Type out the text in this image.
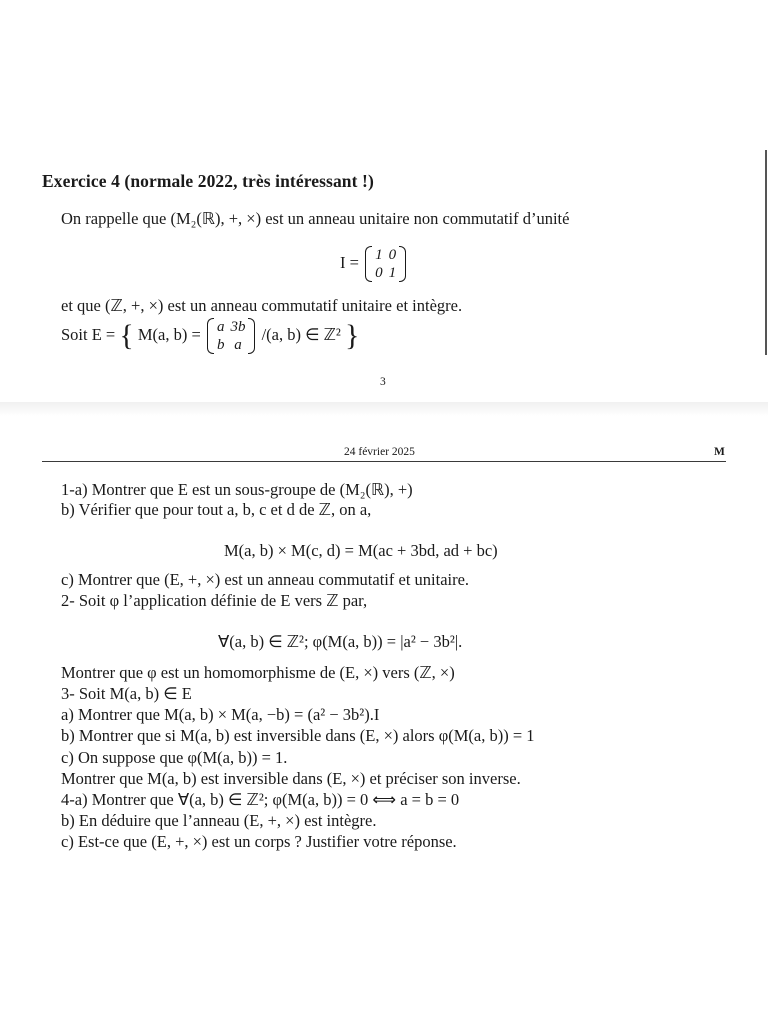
Exercice 4 (normale 2022, très intéressant !)
On rappelle que (M₂(ℝ), +, ×) est un anneau unitaire non commutatif d’unité
I = 1	0
0	1
et que (ℤ, +, ×) est un anneau commutatif unitaire et intègre.
Soit E = { M(a, b) = a	3b
b	a
/(a, b) ∈ ℤ² }
3
24 février 2025	M
1-a) Montrer que E est un sous-groupe de (M₂(ℝ), +)
b) Vérifier que pour tout a, b, c et d de ℤ, on a,
M(a, b) × M(c, d) = M(ac + 3bd, ad + bc)
c) Montrer que (E, +, ×) est un anneau commutatif et unitaire.
2- Soit φ l’application définie de E vers ℤ par,
∀(a, b) ∈ ℤ²; φ(M(a, b)) = |a² − 3b²|.
Montrer que φ est un homomorphisme de (E, ×) vers (ℤ, ×)
3- Soit M(a, b) ∈ E
a) Montrer que M(a, b) × M(a, −b) = (a² − 3b²).I
b) Montrer que si M(a, b) est inversible dans (E, ×) alors φ(M(a, b)) = 1
c) On suppose que φ(M(a, b)) = 1.
Montrer que M(a, b) est inversible dans (E, ×) et préciser son inverse.
4-a) Montrer que ∀(a, b) ∈ ℤ²; φ(M(a, b)) = 0 ⟺ a = b = 0
b) En déduire que l’anneau (E, +, ×) est intègre.
c) Est-ce que (E, +, ×) est un corps ? Justifier votre réponse.
